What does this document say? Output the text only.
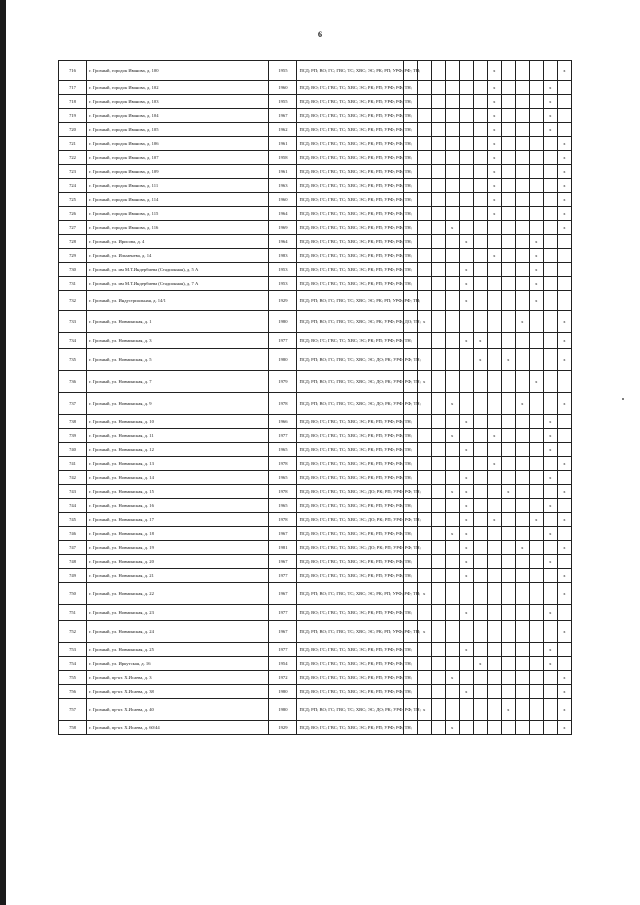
6
716	г. Грозный, городок Иванова, д. 100	1955	ПСД; РП; ВО; ГС; ГВС; ТС; ХВС; ЭС; РК; РП; УРФ; РФ; ТН;							x					x
717	г. Грозный, городок Иванова, д. 102	1960	ПСД; ВО; ГС; ГВС; ТС; ХВС; ЭС; РК; РП; УРФ; РФ; ТН;							x				x	
718	г. Грозный, городок Иванова, д. 103	1955	ПСД; ВО; ГС; ГВС; ТС; ХВС; ЭС; РК; РП; УРФ; РФ; ТН;							x				x	
719	г. Грозный, городок Иванова, д. 104	1967	ПСД; ВО; ГС; ГВС; ТС; ХВС; ЭС; РК; РП; УРФ; РФ; ТН;							x				x	
720	г. Грозный, городок Иванова, д. 105	1962	ПСД; ВО; ГС; ГВС; ТС; ХВС; ЭС; РК; РП; УРФ; РФ; ТН;							x				x	
721	г. Грозный, городок Иванова, д. 106	1961	ПСД; ВО; ГС; ГВС; ТС; ХВС; ЭС; РК; РП; УРФ; РФ; ТН;							x					x
722	г. Грозный, городок Иванова, д. 107	1958	ПСД; ВО; ГС; ГВС; ТС; ХВС; ЭС; РК; РП; УРФ; РФ; ТН;							x					x
723	г. Грозный, городок Иванова, д. 109	1961	ПСД; ВО; ГС; ГВС; ТС; ХВС; ЭС; РК; РП; УРФ; РФ; ТН;							x					x
724	г. Грозный, городок Иванова, д. 111	1963	ПСД; ВО; ГС; ГВС; ТС; ХВС; ЭС; РК; РП; УРФ; РФ; ТН;							x					x
725	г. Грозный, городок Иванова, д. 114	1960	ПСД; ВО; ГС; ГВС; ТС; ХВС; ЭС; РК; РП; УРФ; РФ; ТН;							x					x
726	г. Грозный, городок Иванова, д. 115	1964	ПСД; ВО; ГС; ГВС; ТС; ХВС; ЭС; РК; РП; УРФ; РФ; ТН;							x					x
727	г. Грозный, городок Иванова, д. 116	1969	ПСД; ВО; ГС; ГВС; ТС; ХВС; ЭС; РК; РП; УРФ; РФ; ТН;				x								x
728	г. Грозный, ул. Ирисова, д. 4	1964	ПСД; ВО; ГС; ГВС; ТС; ХВС; ЭС; РК; РП; УРФ; РФ; ТН;					x					x		
729	г. Грозный, ул. Ильменева, д. 14	1983	ПСД; ВО; ГС; ГВС; ТС; ХВС; ЭС; РК; РП; УРФ; РФ; ТН;							x			x		
730	г. Грозный, ул. им М.Т.Индербиева (Стадионная), д. 5 А	1953	ПСД; ВО; ГС; ГВС; ТС; ХВС; ЭС; РК; РП; УРФ; РФ; ТН;					x					x		
731	г. Грозный, ул. им М.Т.Индербиева (Стадионная), д. 7 А	1953	ПСД; ВО; ГС; ГВС; ТС; ХВС; ЭС; РК; РП; УРФ; РФ; ТН;					x					x		
732	г. Грозный, ул. Индустриальная, д. 14/1	1929	ПСД; РП; ВО; ГС; ГВС; ТС; ХВС; ЭС; РК; РП; УРФ; РФ; ТН;					x					x		
733	г. Грозный, ул. Новминская, д. 1	1980	ПСД; РП; ВО; ГС; ГВС; ТС; ХВС; ЭС; РК; УРФ; РФ; ДО; ТН;		x							x			x
734	г. Грозный, ул. Новминская, д. 3	1977	ПСД; ВО; ГС; ГВС; ТС; ХВС; ЭС; РК; РП; УРФ; РФ; ТН;					x	x						x
735	г. Грозный, ул. Новминская, д. 5	1980	ПСД; РП; ВО; ГС; ГВС; ТС; ХВС; ЭС; ДО; РК; УРФ; РФ; ТН;						x		x				x
736	г. Грозный, ул. Новминская, д. 7	1979	ПСД; РП; ВО; ГС; ГВС; ТС; ХВС; ЭС; ДО; РК; УРФ; РФ; ТН;		x								x		
737	г. Грозный, ул. Новминская, д. 9	1978	ПСД; РП; ВО; ГС; ГВС; ТС; ХВС; ЭС; ДО; РК; УРФ; РФ; ТН;				x					x			x
738	г. Грозный, ул. Новминская, д. 10	1966	ПСД; ВО; ГС; ГВС; ТС; ХВС; ЭС; РК; РП; УРФ; РФ; ТН;					x						x	
739	г. Грозный, ул. Новминская, д. 11	1977	ПСД; ВО; ГС; ГВС; ТС; ХВС; ЭС; РК; РП; УРФ; РФ; ТН;				x			x				x	
740	г. Грозный, ул. Новминская, д. 12	1965	ПСД; ВО; ГС; ГВС; ТС; ХВС; ЭС; РК; РП; УРФ; РФ; ТН;					x						x	
741	г. Грозный, ул. Новминская, д. 13	1978	ПСД; ВО; ГС; ГВС; ТС; ХВС; ЭС; РК; РП; УРФ; РФ; ТН;							x					x
742	г. Грозный, ул. Новминская, д. 14	1965	ПСД; ВО; ГС; ГВС; ТС; ХВС; ЭС; РК; РП; УРФ; РФ; ТН;					x						x	
743	г. Грозный, ул. Новминская, д. 15	1978	ПСД; ВО; ГС; ГВС; ТС; ХВС; ЭС; ДО; РК; РП; УРФ; РФ; ТН;				x	x			x				x
744	г. Грозный, ул. Новминская, д. 16	1965	ПСД; ВО; ГС; ГВС; ТС; ХВС; ЭС; РК; РП; УРФ; РФ; ТН;					x						x	
745	г. Грозный, ул. Новминская, д. 17	1978	ПСД; ВО; ГС; ГВС; ТС; ХВС; ЭС; ДО; РК; РП; УРФ; РФ; ТН;					x		x			x		x
746	г. Грозный, ул. Новминская, д. 18	1967	ПСД; ВО; ГС; ГВС; ТС; ХВС; ЭС; РК; РП; УРФ; РФ; ТН;				x	x						x	
747	г. Грозный, ул. Новминская, д. 19	1981	ПСД; ВО; ГС; ГВС; ТС; ХВС; ЭС; ДО; РК; РП; УРФ; РФ; ТН;					x				x			x
748	г. Грозный, ул. Новминская, д. 20	1967	ПСД; ВО; ГС; ГВС; ТС; ХВС; ЭС; РК; РП; УРФ; РФ; ТН;					x						x	
749	г. Грозный, ул. Новминская, д. 21	1977	ПСД; ВО; ГС; ГВС; ТС; ХВС; ЭС; РК; РП; УРФ; РФ; ТН;					x							x
750	г. Грозный, ул. Новминская, д. 22	1967	ПСД; РП; ВО; ГС; ГВС; ТС; ХВС; ЭС; РК; РП; УРФ; РФ; ТН;		x										x
751	г. Грозный, ул. Новминская, д. 23	1977	ПСД; ВО; ГС; ГВС; ТС; ХВС; ЭС; РК; РП; УРФ; РФ; ТН;					x						x	
752	г. Грозный, ул. Новминская, д. 24	1967	ПСД; РП; ВО; ГС; ГВС; ТС; ХВС; ЭС; РК; РП; УРФ; РФ; ТН;		x										x
753	г. Грозный, ул. Новминская, д. 25	1977	ПСД; ВО; ГС; ГВС; ТС; ХВС; ЭС; РК; РП; УРФ; РФ; ТН;					x						x	
754	г. Грозный, ул. Иркутская, д. 16	1954	ПСД; ВО; ГС; ГВС; ТС; ХВС; ЭС; РК; РП; УРФ; РФ; ТН;						x					x	
755	г. Грозный, пр-кт. Х.Исаева, д. 3	1972	ПСД; ВО; ГС; ГВС; ТС; ХВС; ЭС; РК; РП; УРФ; РФ; ТН;				x								x
756	г. Грозный, пр-кт. Х.Исаева, д. 38	1980	ПСД; ВО; ГС; ГВС; ТС; ХВС; ЭС; РК; РП; УРФ; РФ; ТН;					x							x
757	г. Грозный, пр-кт. Х.Исаева, д. 40	1980	ПСД; РП; ВО; ГС; ГВС; ТС; ХВС; ЭС; ДО; РК; УРФ; РФ; ТН;		x						x				x
758	г. Грозный, пр-кт. Х.Исаева, д. 60/44	1929	ПСД; ВО; ГС; ГВС; ТС; ХВС; ЭС; РК; РП; УРФ; РФ; ТН;				x								x
